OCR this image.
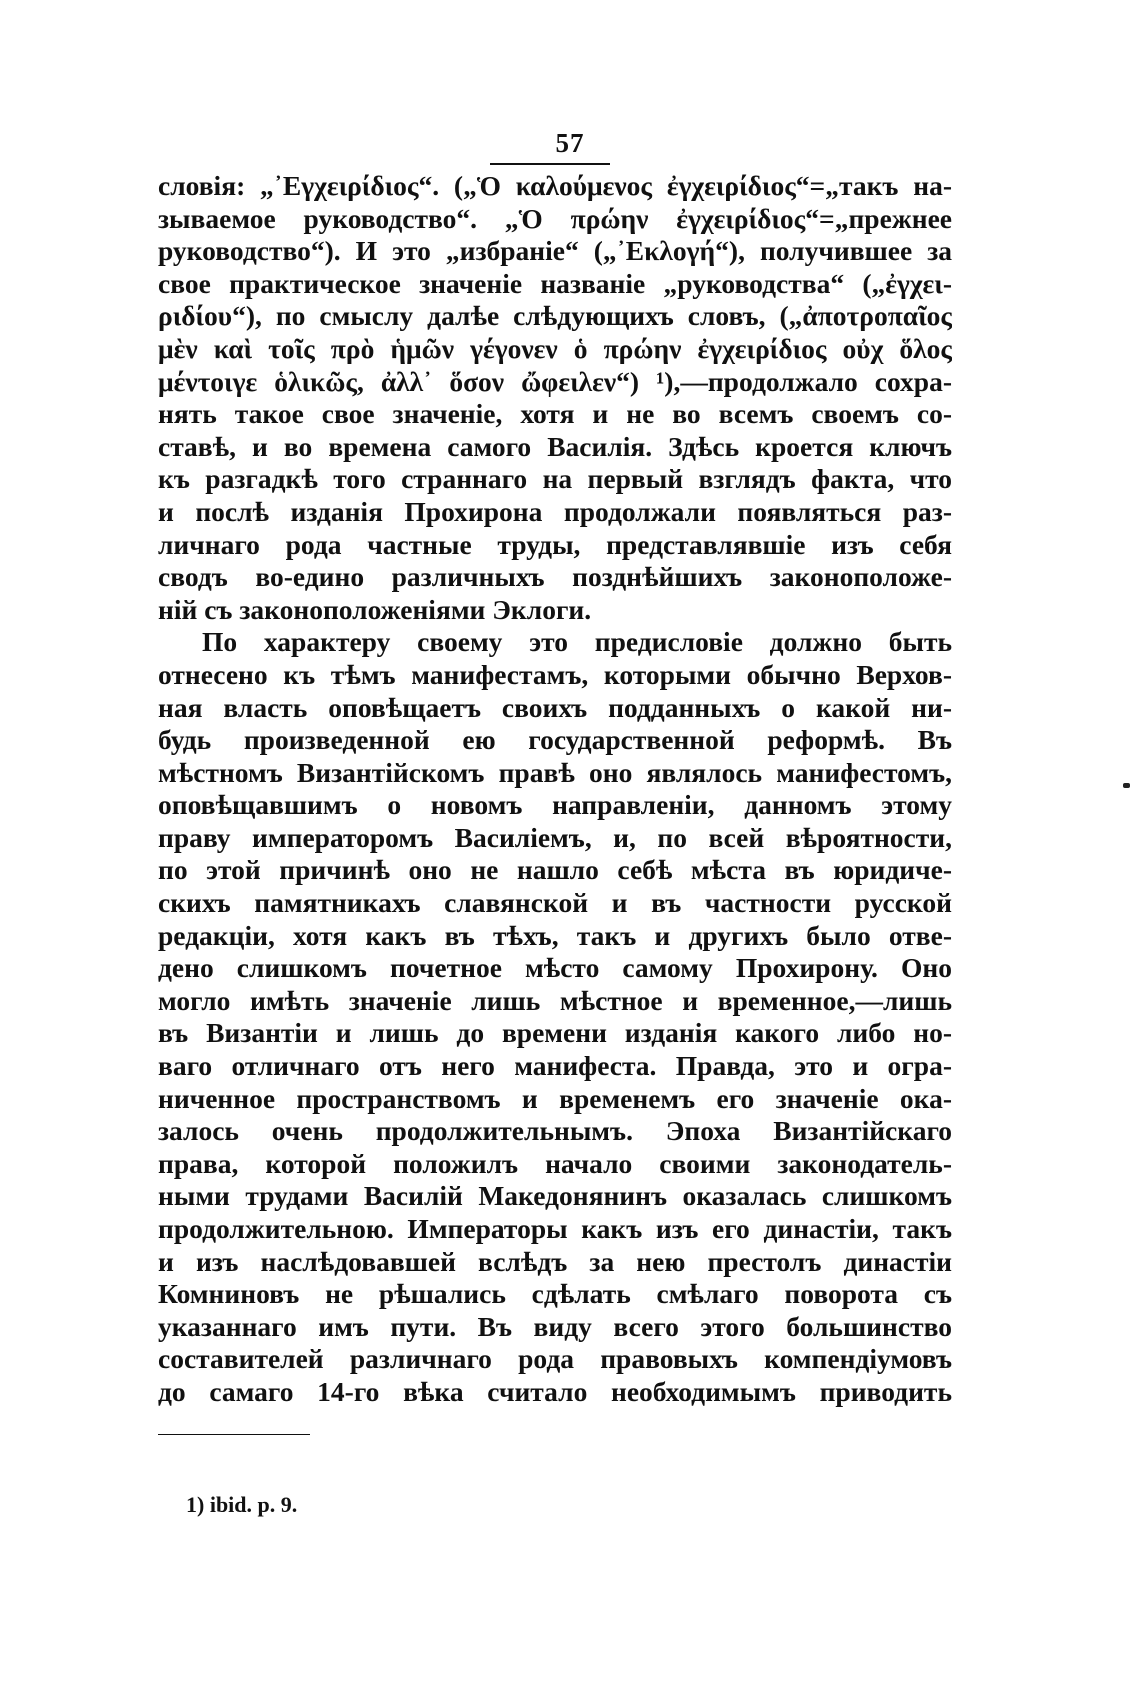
57
словія: „᾿Εγχειρίδιος“. („Ὁ καλούμενος ἐγχειρίδιος“=„такъ на-
зываемое руководство“. „Ὁ πρώην ἐγχειρίδιος“=„прежнее
руководство“). И это „избраніе“ („᾿Εκλογή“), получившее за
свое практическое значеніе названіе „руководства“ („ἐγχει-
ριδίου“), по смыслу далѣе слѣдующихъ словъ, („ἀποτροπαῖος
μὲν καὶ τοῖς πρὸ ἡμῶν γέγονεν ὁ πρώην ἐγχειρίδιος οὐχ ὅλος
μέντοιγε ὁλικῶς, ἀλλ᾿ ὅσον ὤφειλεν“) ¹),—продолжало сохра-
нять такое свое значеніе, хотя и не во всемъ своемъ со-
ставѣ, и во времена самого Василія. Здѣсь кроется ключъ
къ разгадкѣ того страннаго на первый взглядъ факта, что
и послѣ изданія Прохирона продолжали появляться раз-
личнаго рода частные труды, представлявшіе изъ себя
сводъ во-едино различныхъ позднѣйшихъ законоположе-
ній съ законоположеніями Эклоги.
По характеру своему это предисловіе должно быть
отнесено къ тѣмъ манифестамъ, которыми обычно Верхов-
ная власть оповѣщаетъ своихъ подданныхъ о какой ни-
будь произведенной ею государственной реформѣ. Въ
мѣстномъ Византійскомъ правѣ оно являлось манифестомъ,
оповѣщавшимъ о новомъ направленіи, данномъ этому
праву императоромъ Василіемъ, и, по всей вѣроятности,
по этой причинѣ оно не нашло себѣ мѣста въ юридиче-
скихъ памятникахъ славянской и въ частности русской
редакціи, хотя какъ въ тѣхъ, такъ и другихъ было отве-
дено слишкомъ почетное мѣсто самому Прохирону. Оно
могло имѣть значеніе лишь мѣстное и временное,—лишь
въ Византіи и лишь до времени изданія какого либо но-
ваго отличнаго отъ него манифеста. Правда, это и огра-
ниченное пространствомъ и временемъ его значеніе ока-
залось очень продолжительнымъ. Эпоха Византійскаго
права, которой положилъ начало своими законодатель-
ными трудами Василій Македонянинъ оказалась слишкомъ
продолжительною. Императоры какъ изъ его династіи, такъ
и изъ наслѣдовавшей вслѣдъ за нею престолъ династіи
Комниновъ не рѣшались сдѣлать смѣлаго поворота съ
указаннаго имъ пути. Въ виду всего этого большинство
составителей различнаго рода правовыхъ компендіумовъ
до самаго 14-го вѣка считало необходимымъ приводить
1) ibid. p. 9.
